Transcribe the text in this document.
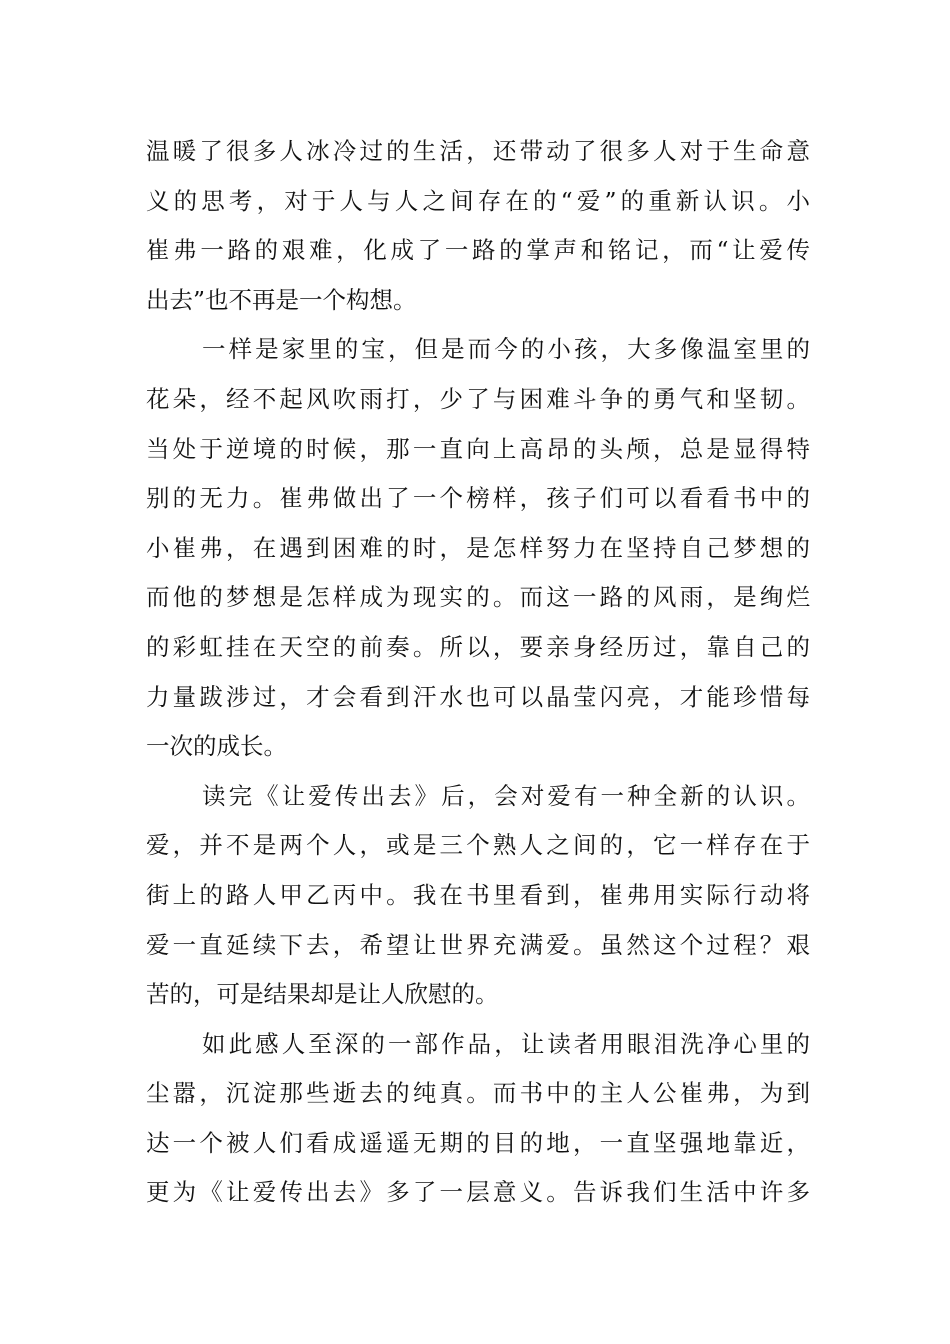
温暖了很多人冰冷过的生活，还带动了很多人对于生命意
义的思考，对于人与人之间存在的“爱”的重新认识。小
崔弗一路的艰难，化成了一路的掌声和铭记，而“让爱传
出去”也不再是一个构想。
一样是家里的宝，但是而今的小孩，大多像温室里的
花朵，经不起风吹雨打，少了与困难斗争的勇气和坚韧。
当处于逆境的时候，那一直向上高昂的头颅，总是显得特
别的无力。崔弗做出了一个榜样，孩子们可以看看书中的
小崔弗，在遇到困难的时，是怎样努力在坚持自己梦想的
而他的梦想是怎样成为现实的。而这一路的风雨，是绚烂
的彩虹挂在天空的前奏。所以，要亲身经历过，靠自己的
力量跋涉过，才会看到汗水也可以晶莹闪亮，才能珍惜每
一次的成长。
读完《让爱传出去》后，会对爱有一种全新的认识。
爱，并不是两个人，或是三个熟人之间的，它一样存在于
街上的路人甲乙丙中。我在书里看到，崔弗用实际行动将
爱一直延续下去，希望让世界充满爱。虽然这个过程？艰
苦的，可是结果却是让人欣慰的。
如此感人至深的一部作品，让读者用眼泪洗净心里的
尘嚣，沉淀那些逝去的纯真。而书中的主人公崔弗，为到
达一个被人们看成遥遥无期的目的地，一直坚强地靠近，
更为《让爱传出去》多了一层意义。告诉我们生活中许多
